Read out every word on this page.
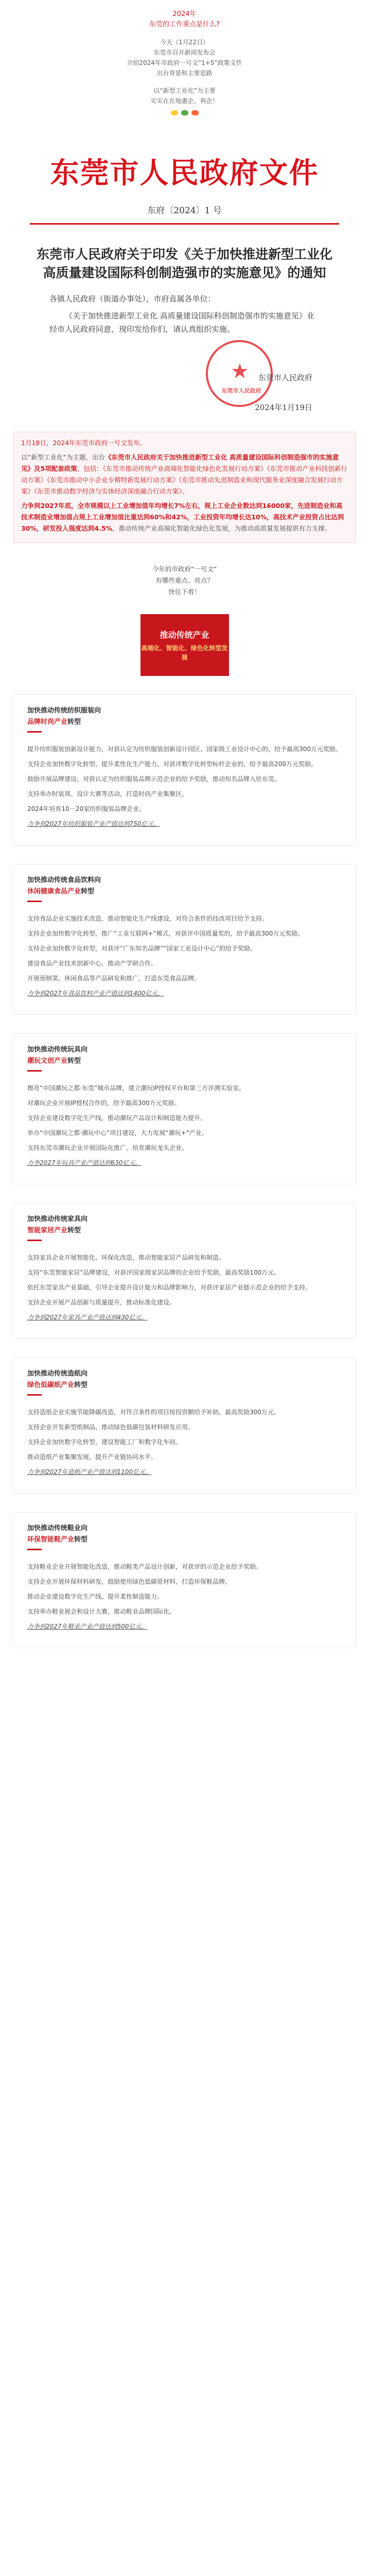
2024年
东莞的工作重点是什么?
今天（1月22日）
东莞市召开新闻发布会
介绍2024年市政府一号文“1+5”政策文件
出台背景和主要思路
以“新型工业化”为主要
实实在在地惠企、利企！
东莞市人民政府文件
东府〔2024〕1 号
东莞市人民政府关于印发《关于加快推进新型工业化 高质量建设国际科创制造强市的实施意见》的通知
各镇人民政府（街道办事处），市府直属各单位：
《关于加快推进新型工业化 高质量建设国际科创制造强市的实施意见》业经市人民政府同意，现印发给你们，请认真组织实施。
★
东莞市人民政府
东莞市人民政府
2024年1月19日
1月18日，2024年东莞市政府一号文发布。

以“新型工业化”为主题，出台《东莞市人民政府关于加快推进新型工业化 高质量建设国际科创制造强市的实施意见》及5项配套政策，包括：《东莞市推动传统产业高端化智能化绿色化发展行动方案》《东莞市推动产业科技创新行动方案》《东莞市推动中小企业专精特新发展行动方案》《东莞市推动先进制造业和现代服务业深度融合发展行动方案》《东莞市推动数字经济与实体经济深度融合行动方案》。

力争到2027年底，全市规模以上工业增加值年均增长7%左右，规上工业企业数达到16000家，先进制造业和高技术制造业增加值占规上工业增加值比重达到60%和42%，工业投资年均增长达10%，高技术产业投资占比达到30%，研发投入强度达到4.5%，推动传统产业高端化智能化绿色化发展，为推动高质量发展提供有力支撑。

今年的市政府“一号文”
有哪些重点、亮点？
快往下看！
推动传统产业
高端化、智能化、绿色化转型发展
加快推动传统纺织服装向
品牌时尚产业转型

提升纺织服装创新设计能力，对获认定为纺织服装创新设计园区、国家级工业设计中心的，给予最高300万元奖励。

支持企业加快数字化转型，提升柔性化生产能力，对获评数字化转型标杆企业的，给予最高200万元奖励。

鼓励开展品牌建设，对获认定为纺织服装品牌示范企业的给予奖励，推动知名品牌入驻东莞。

支持举办时装周、设计大赛等活动，打造时尚产业集聚区。

2024年培育10－20家纺织服装品牌企业。

力争到2027年纺织服装产业产值达到750亿元。

加快推动传统食品饮料向
休闲健康食品产业转型

支持食品企业实施技术改造，推动智能化生产线建设，对符合条件的技改项目给予支持。

支持企业加快数字化转型，推广“工业互联网+”模式，对获评中国质量奖的，给予最高300万元奖励。

支持企业加快数字化转型，对获评“广东知名品牌”“国家工业设计中心”的给予奖励。

建设食品产业技术创新中心，推动产学研合作。

开展预制菜、休闲食品等产品研发和推广，打造东莞食品品牌。

力争到2027年食品饮料产业产值达到1400亿元。

加快推动传统玩具向
潮玩文创产业转型

擦亮“中国潮玩之都·东莞”城市品牌，建立潮玩IP授权平台和第三方评测实验室。

对潮玩企业开展IP授权合作的，给予最高300万元奖励。

支持企业建设数字化生产线，推动潮玩产品设计和制造能力提升。

举办“中国潮玩之都·潮玩中心”项目建设，大力发展“潮玩+”产业。

支持东莞市潮玩企业开展国际化推广，培育潮玩龙头企业。

力争2027年玩具产业产值达到630亿元。

加快推动传统家具向
智能家居产业转型

支持家具企业开展智能化、环保化改造，推动智能家居产品研发和制造。

支持“东莞智能家居”品牌建设，对获评国家级家居品牌的企业给予奖励，最高奖励100万元。

依托东莞家具产业基础，引导企业提升设计能力和品牌影响力，对获评家居产业链示范企业的给予支持。

支持企业开展产品创新与质量提升，推动标准化建设。

力争到2027年家具产业产值达到430亿元。

加快推动传统造纸向
绿色低碳纸产业转型

支持造纸企业实施节能降碳改造，对符合条件的项目按投资额给予补助，最高奖励300万元。

支持企业开发新型纸制品，推动绿色低碳包装材料研发应用。

支持企业加快数字化转型，建设智能工厂和数字化车间。

推动造纸产业集聚发展，提升产业链协同水平。

力争到2027年造纸产业产值达到1100亿元。

加快推动传统鞋业向
环保智能鞋产业转型

支持鞋业企业开展智能化改造，推动鞋类产品设计创新，对获评的示范企业给予奖励。

支持企业开展环保材料研发，鼓励使用绿色低碳原材料，打造环保鞋品牌。

推动企业建设数字化生产线，提升柔性制造能力。

支持举办鞋业展会和设计大赛，推动鞋业品牌国际化。

力争到2027年鞋业产业产值达到500亿元。
